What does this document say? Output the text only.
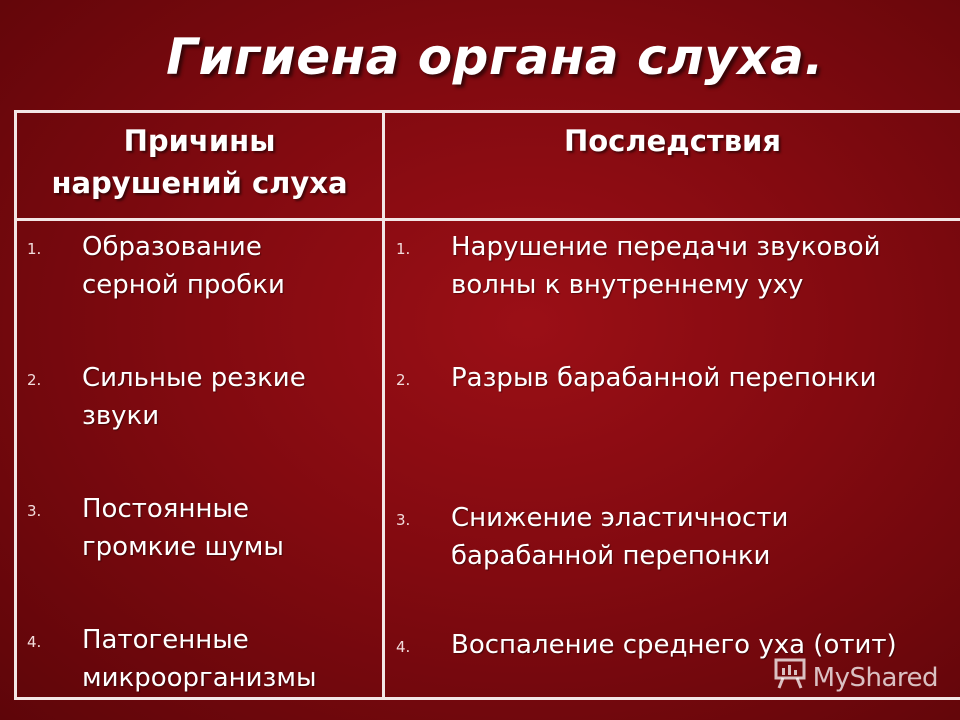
Гигиена органа слуха.
Причины
нарушений слуха
Последствия
1. Образование
серной пробки
2. Сильные резкие
звуки
3. Постоянные
громкие шумы
4. Патогенные
микроорганизмы
1. Нарушение передачи звуковой
волны к внутреннему уху
2. Разрыв барабанной перепонки
3. Снижение эластичности
барабанной перепонки
4. Воспаление среднего уха (отит)
MyShared
